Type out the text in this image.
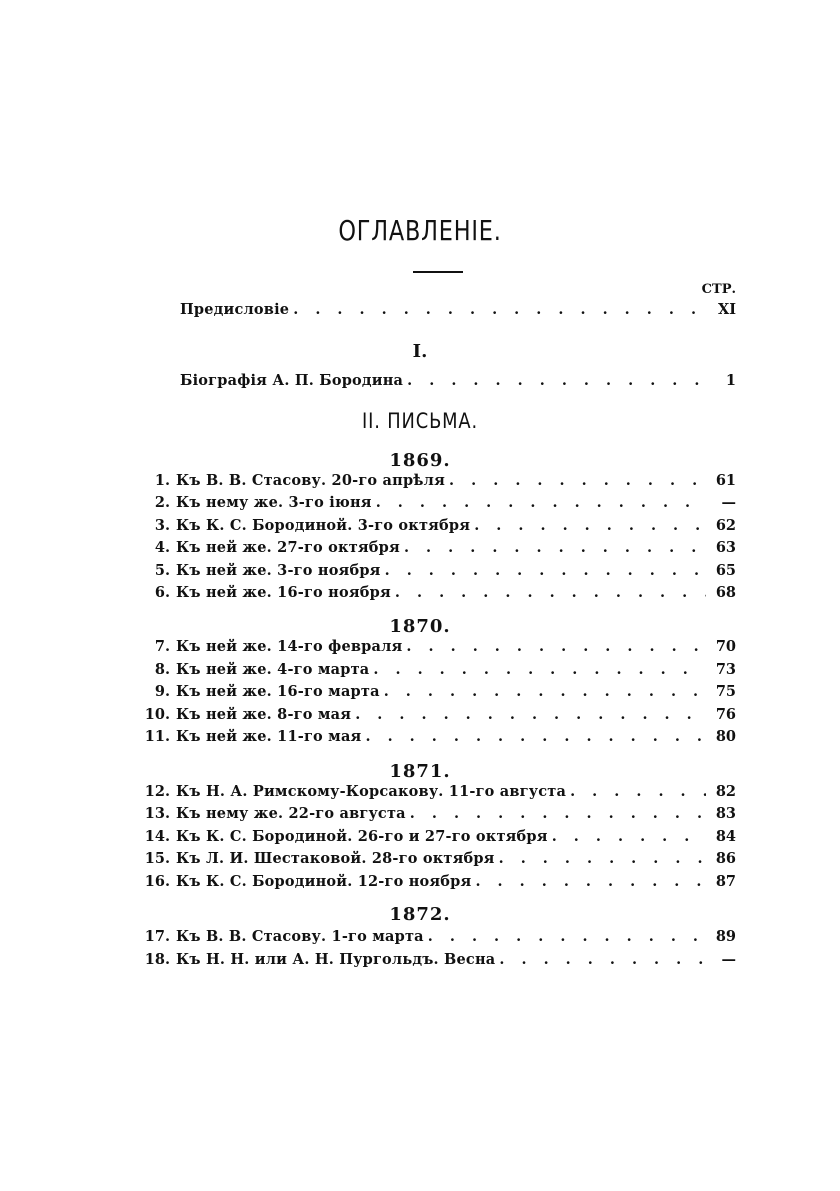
ОГЛАВЛЕНІЕ.
СТР.
Предисловіе . . .	XI
I.
Біографія А. П. Бородина . . .	1
II. ПИСЬМА.
1869.
1870.
1871.
1872.
1. Къ В. В. Стасову. 20-го апрѣля . . .	61
2. Къ нему же. 3-го іюня . . .	—
3. Къ К. С. Бородиной. 3-го октября . . .	62
4. Къ ней же. 27-го октября . . .	63
5. Къ ней же. 3-го ноября . . .	65
6. Къ ней же. 16-го ноября . . .	68
7. Къ ней же. 14-го февраля . . .	70
8. Къ ней же. 4-го марта . . .	73
9. Къ ней же. 16-го марта . . .	75
10. Къ ней же. 8-го мая . . .	76
11. Къ ней же. 11-го мая . . .	80
12. Къ Н. А. Римскому-Корсакову. 11-го августа . . .	82
13. Къ нему же. 22-го августа . . .	83
14. Къ К. С. Бородиной. 26-го и 27-го октября . . .	84
15. Къ Л. И. Шестаковой. 28-го октября . . .	86
16. Къ К. С. Бородиной. 12-го ноября . . .	87
17. Къ В. В. Стасову. 1-го марта . . .	89
18. Къ Н. Н. или А. Н. Пургольдъ. Весна . . .	—
